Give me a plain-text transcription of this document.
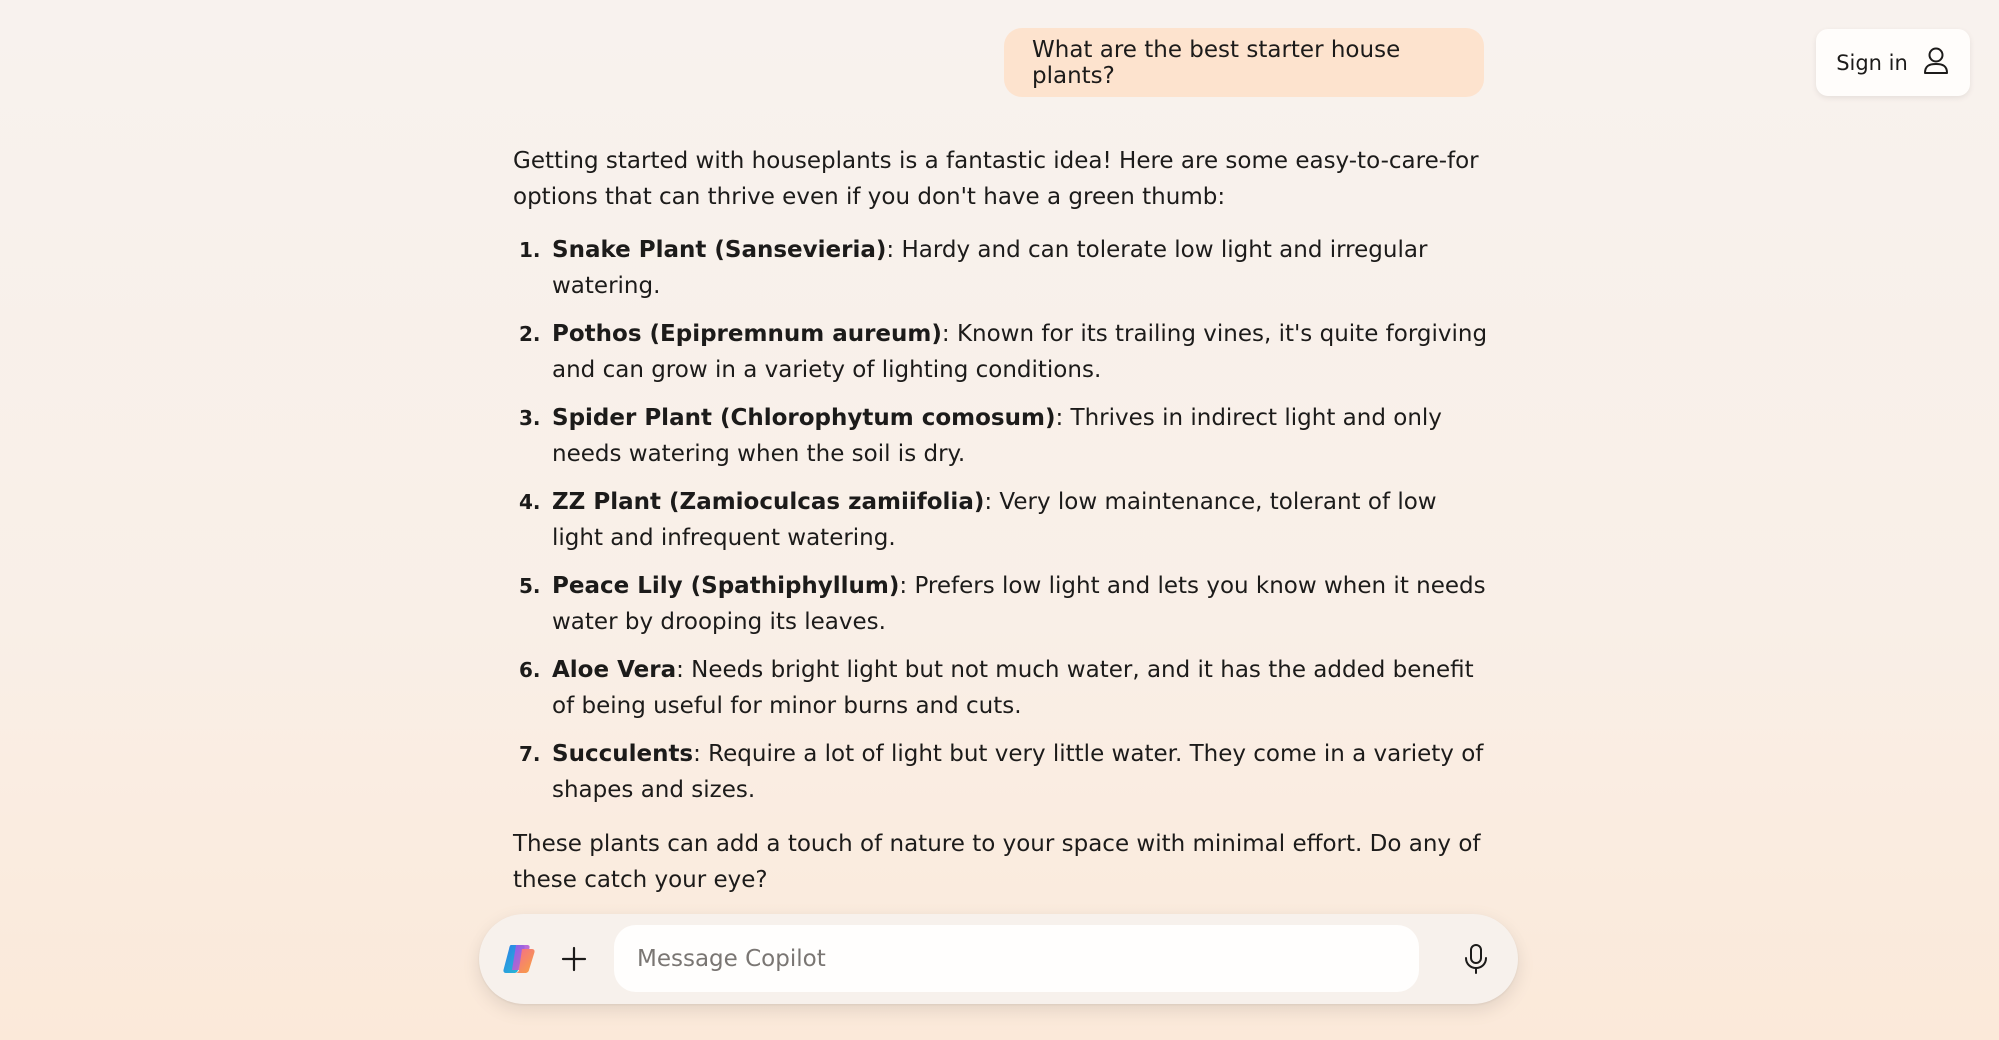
Sign in
What are the best starter house plants?

Getting started with houseplants is a fantastic idea! Here are some easy-to-care-for options that can thrive even if you don't have a green thumb:

1. Snake Plant (Sansevieria): Hardy and can tolerate low light and irregular watering.
2. Pothos (Epipremnum aureum): Known for its trailing vines, it's quite forgiving and can grow in a variety of lighting conditions.
3. Spider Plant (Chlorophytum comosum): Thrives in indirect light and only needs watering when the soil is dry.
4. ZZ Plant (Zamioculcas zamiifolia): Very low maintenance, tolerant of low light and infrequent watering.
5. Peace Lily (Spathiphyllum): Prefers low light and lets you know when it needs water by drooping its leaves.
6. Aloe Vera: Needs bright light but not much water, and it has the added benefit of being useful for minor burns and cuts.
7. Succulents: Require a lot of light but very little water. They come in a variety of shapes and sizes.

These plants can add a touch of nature to your space with minimal effort. Do any of these catch your eye?

Message Copilot
